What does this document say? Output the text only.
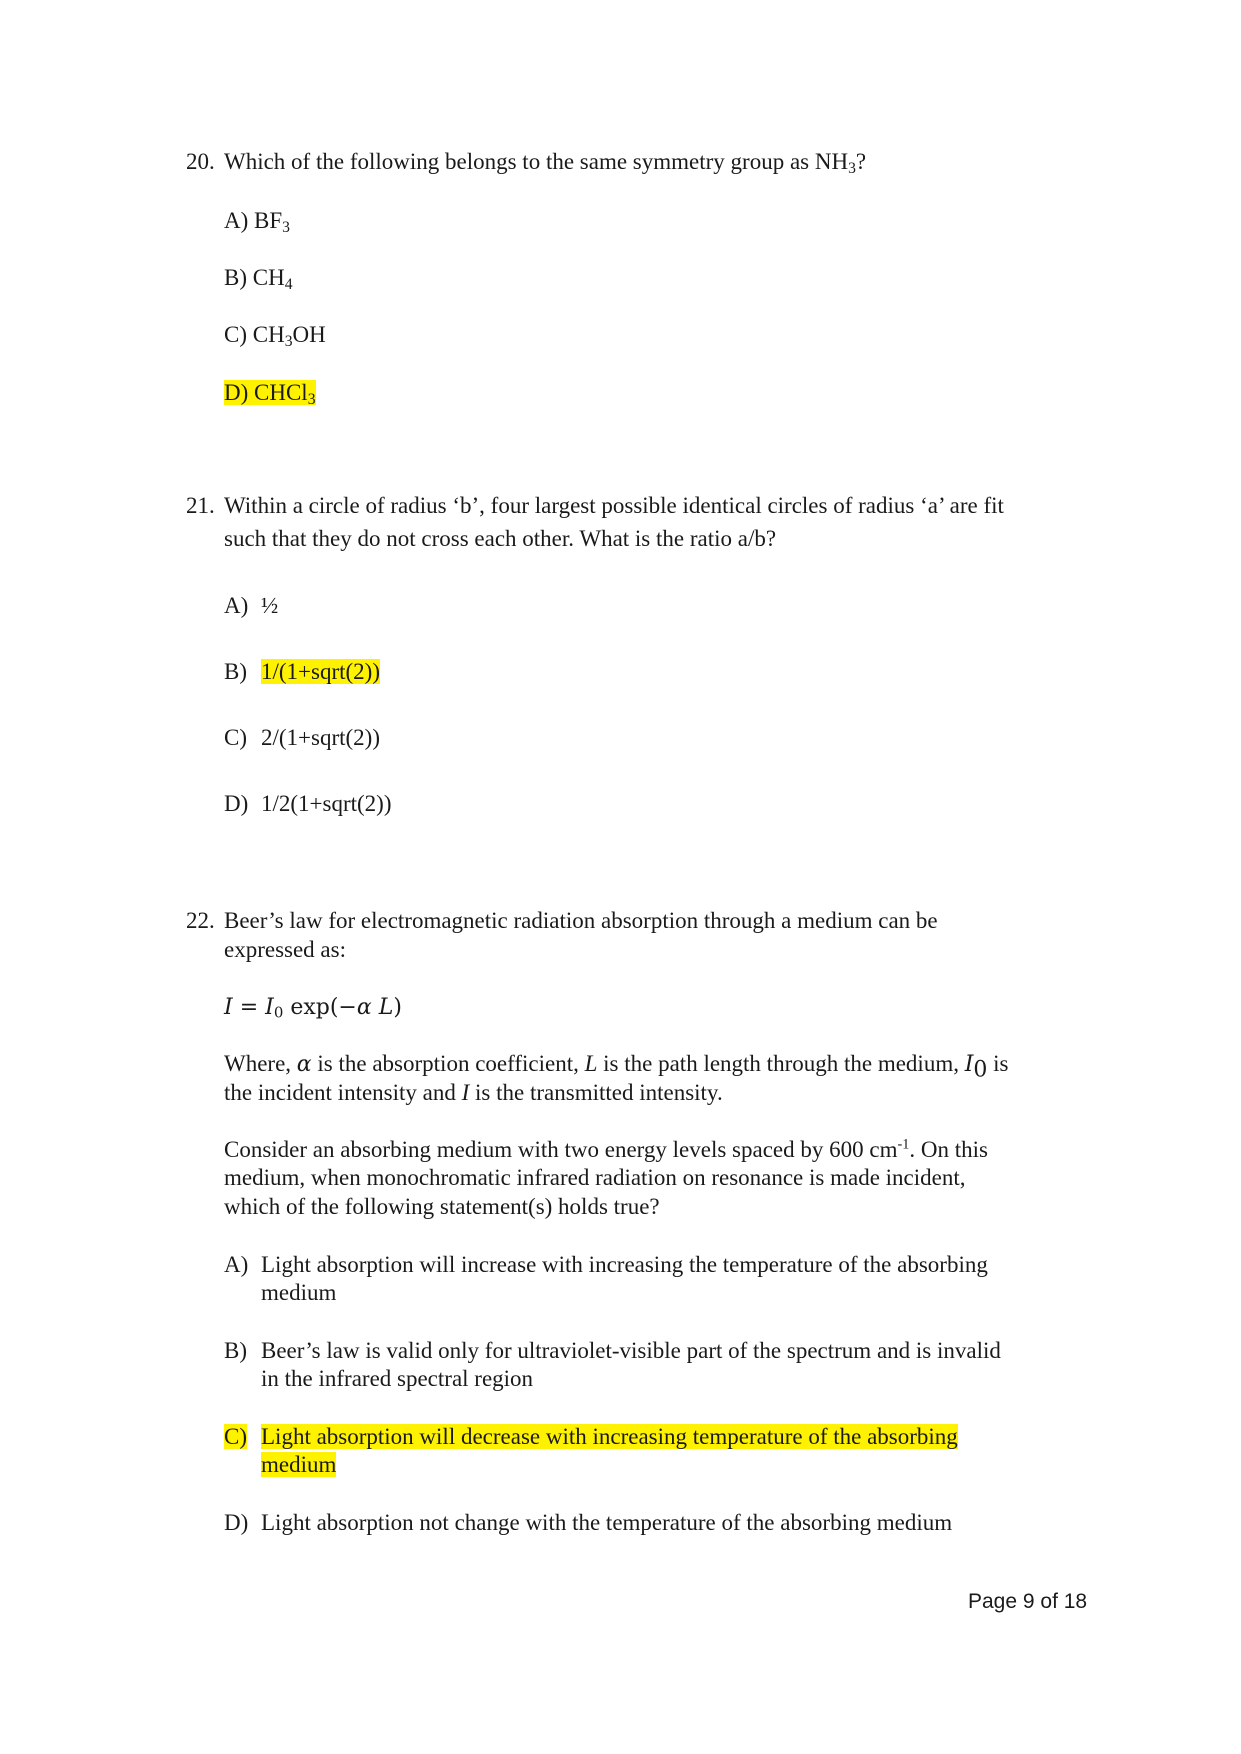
20. Which of the following belongs to the same symmetry group as $NH_3$?
A) $BF_3$
B) $CH_4$
C) $CH_3OH$
D) CHCl$_3$
21. Within a circle of radius ‘b’, four largest possible identical circles of radius ‘a’ are fit
such that they do not cross each other. What is the ratio a/b?
A) ½
B) 1/(1+sqrt(2))
C) 2/(1+sqrt(2))
D) 1/2(1+sqrt(2))
22. Beer’s law for electromagnetic radiation absorption through a medium can be
expressed as:
$I = I_0$ exp(−α L)
Where, α is the absorption coefficient, L is the path length through the medium, $I_0$ is
the incident intensity and I is the transmitted intensity.
Consider an absorbing medium with two energy levels spaced by 600 $cm^{-1}$. On this
medium, when monochromatic infrared radiation on resonance is made incident,
which of the following statement(s) holds true?
A) Light absorption will increase with increasing the temperature of the absorbing
medium
B) Beer’s law is valid only for ultraviolet-visible part of the spectrum and is invalid
in the infrared spectral region
C) Light absorption will decrease with increasing temperature of the absorbing
medium
D) Light absorption not change with the temperature of the absorbing medium
Page 9 of 18
